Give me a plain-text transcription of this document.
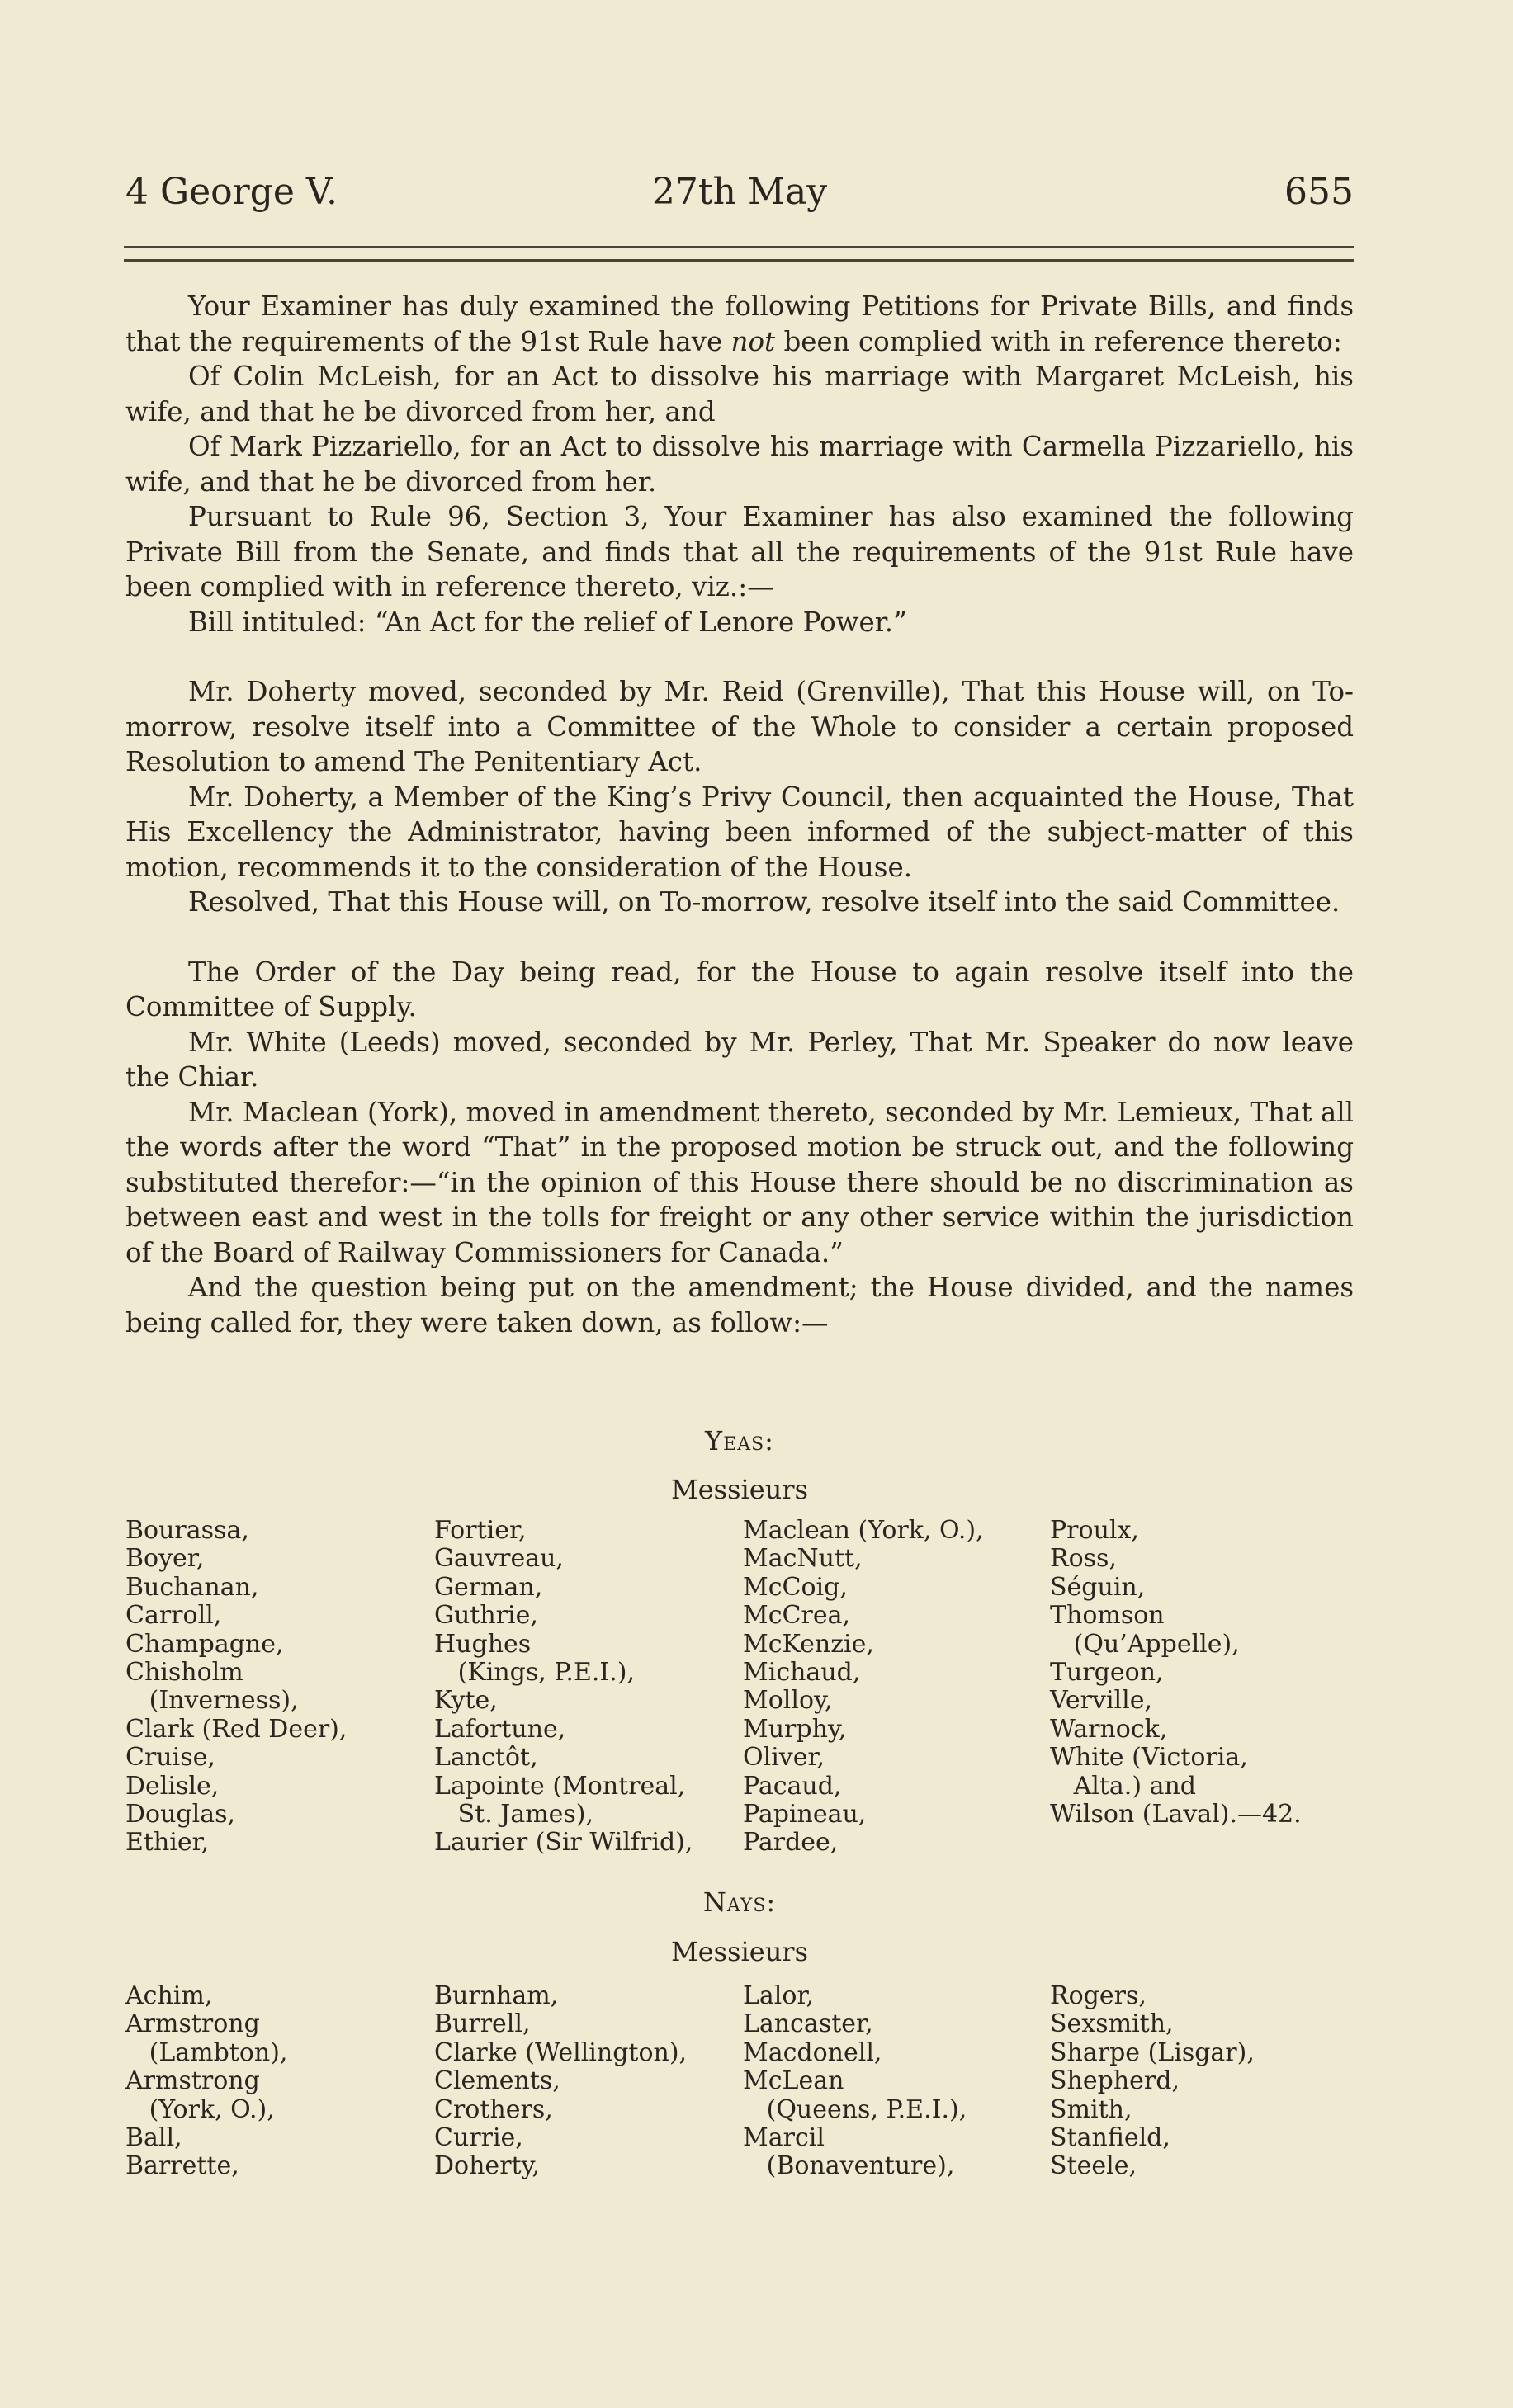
4 George V.	27th May	655

Your Examiner has duly examined the following Petitions for Private Bills, and finds that the requirements of the 91st Rule have not been complied with in reference thereto:

Of Colin McLeish, for an Act to dissolve his marriage with Margaret McLeish, his wife, and that he be divorced from her, and

Of Mark Pizzariello, for an Act to dissolve his marriage with Carmella Pizzariello, his wife, and that he be divorced from her.

Pursuant to Rule 96, Section 3, Your Examiner has also examined the following Private Bill from the Senate, and finds that all the requirements of the 91st Rule have been complied with in reference thereto, viz.:—

Bill intituled: “An Act for the relief of Lenore Power.”

Mr. Doherty moved, seconded by Mr. Reid (Grenville), That this House will, on To-morrow, resolve itself into a Committee of the Whole to consider a certain proposed Resolution to amend The Penitentiary Act.

Mr. Doherty, a Member of the King’s Privy Council, then acquainted the House, That His Excellency the Administrator, having been informed of the subject-matter of this motion, recommends it to the consideration of the House.

Resolved, That this House will, on To-morrow, resolve itself into the said Committee.

The Order of the Day being read, for the House to again resolve itself into the Committee of Supply.

Mr. White (Leeds) moved, seconded by Mr. Perley, That Mr. Speaker do now leave the Chiar.

Mr. Maclean (York), moved in amendment thereto, seconded by Mr. Lemieux, That all the words after the word “That” in the proposed motion be struck out, and the following substituted therefor:—“in the opinion of this House there should be no discrimination as between east and west in the tolls for freight or any other service within the jurisdiction of the Board of Railway Commissioners for Canada.”

And the question being put on the amendment; the House divided, and the names being called for, they were taken down, as follow:—

Yeas:
Messieurs
Bourassa,
Boyer,
Buchanan,
Carroll,
Champagne,
Chisholm
(Inverness),
Clark (Red Deer),
Cruise,
Delisle,
Douglas,
Ethier,
Fortier,
Gauvreau,
German,
Guthrie,
Hughes
(Kings, P.E.I.),
Kyte,
Lafortune,
Lanctôt,
Lapointe (Montreal,
St. James),
Laurier (Sir Wilfrid),
Maclean (York, O.),
MacNutt,
McCoig,
McCrea,
McKenzie,
Michaud,
Molloy,
Murphy,
Oliver,
Pacaud,
Papineau,
Pardee,
Proulx,
Ross,
Séguin,
Thomson
(Qu’Appelle),
Turgeon,
Verville,
Warnock,
White (Victoria,
Alta.) and
Wilson (Laval).—42.
Nays:
Messieurs
Achim,
Armstrong
(Lambton),
Armstrong
(York, O.),
Ball,
Barrette,
Burnham,
Burrell,
Clarke (Wellington),
Clements,
Crothers,
Currie,
Doherty,
Lalor,
Lancaster,
Macdonell,
McLean
(Queens, P.E.I.),
Marcil
(Bonaventure),
Rogers,
Sexsmith,
Sharpe (Lisgar),
Shepherd,
Smith,
Stanfield,
Steele,
